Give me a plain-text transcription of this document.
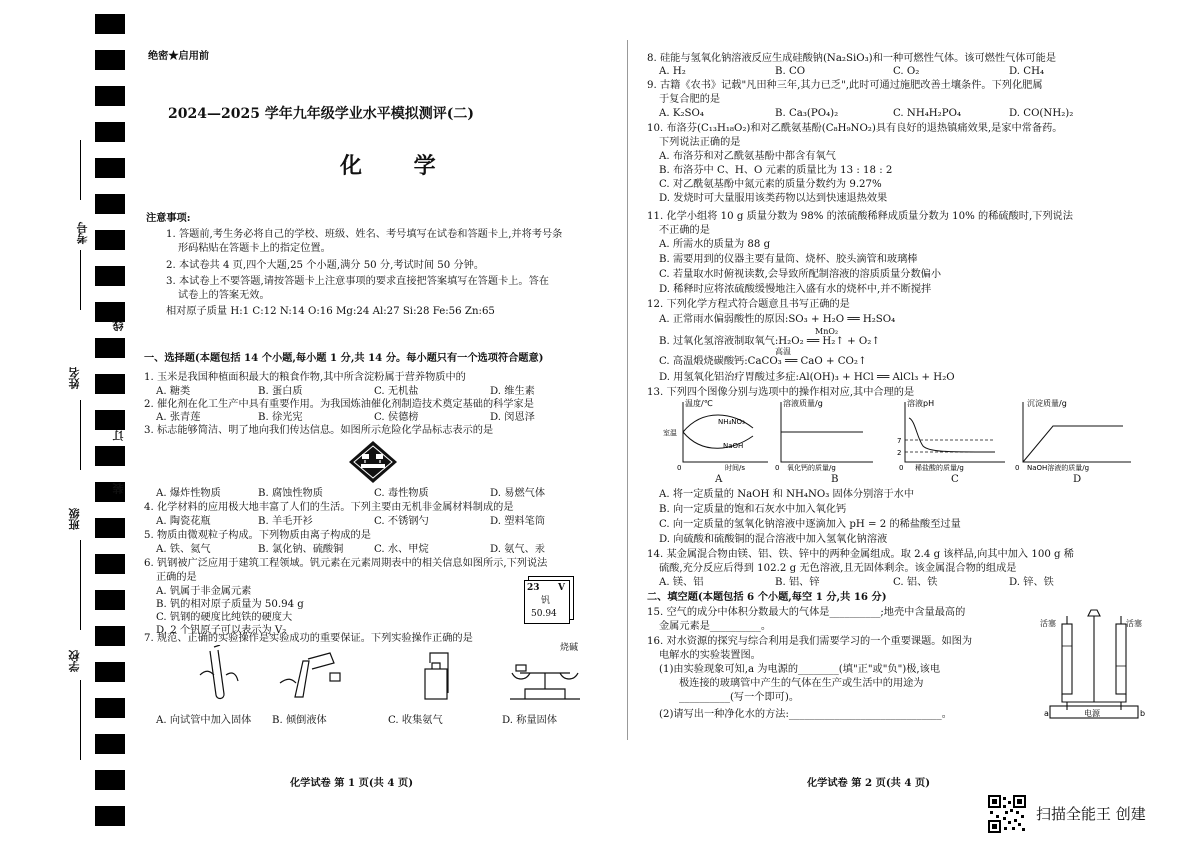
考号
线
姓名
订
班级
装
学校
绝密★启用前
2024—2025 学年九年级学业水平模拟测评(二)
化 学
注意事项:
1. 答题前,考生务必将自己的学校、班级、姓名、考号填写在试卷和答题卡上,并将考号条
形码粘贴在答题卡上的指定位置。
2. 本试卷共 4 页,四个大题,25 个小题,满分 50 分,考试时间 50 分钟。
3. 本试卷上不要答题,请按答题卡上注意事项的要求直接把答案填写在答题卡上。答在
试卷上的答案无效。
相对原子质量 H:1 C:12 N:14 O:16 Mg:24 Al:27 Si:28 Fe:56 Zn:65
一、选择题(本题包括 14 个小题,每小题 1 分,共 14 分。每小题只有一个选项符合题意)
1. 玉米是我国种植面积最大的粮食作物,其中所含淀粉属于营养物质中的
A. 糖类	B. 蛋白质	C. 无机盐	D. 维生素
2. 催化剂在化工生产中具有重要作用。为我国炼油催化剂制造技术奠定基础的科学家是
A. 张青莲	B. 徐光宪	C. 侯德榜	D. 闵恩泽
3. 标志能够简洁、明了地向我们传达信息。如图所示危险化学品标志表示的是
A. 爆炸性物质	B. 腐蚀性物质	C. 毒性物质	D. 易燃气体
4. 化学材料的应用极大地丰富了人们的生活。下列主要由无机非金属材料制成的是
A. 陶瓷花瓶	B. 羊毛开衫	C. 不锈钢勺	D. 塑料笔筒
5. 物质由微观粒子构成。下列物质由离子构成的是
A. 铁、氦气	B. 氯化钠、硫酸铜	C. 水、甲烷	D. 氨气、汞
6. 钒钢被广泛应用于建筑工程领域。钒元素在元素周期表中的相关信息如图所示,下列说法
正确的是
A. 钒属于非金属元素
B. 钒的相对原子质量为 50.94 g
C. 钒钢的硬度比纯铁的硬度大
D. 2 个钒原子可以表示为 V₂
23 V
钒
50.94
7. 规范、正确的实验操作是实验成功的重要保证。下列实验操作正确的是
烧碱
A. 向试管中加入固体 B. 倾倒液体	C. 收集氨气	D. 称量固体
化学试卷 第 1 页(共 4 页)
8. 硅能与氢氧化钠溶液反应生成硅酸钠(Na₂SiO₃)和一种可燃性气体。该可燃性气体可能是
A. H₂	B. CO	C. O₂	D. CH₄
9. 古籍《农书》记载"凡田种三年,其力已乏",此时可通过施肥改善土壤条件。下列化肥属
于复合肥的是
A. K₂SO₄	B. Ca₃(PO₄)₂	C. NH₄H₂PO₄	D. CO(NH₂)₂
10. 布洛芬(C₁₃H₁₈O₂)和对乙酰氨基酚(C₈H₉NO₂)具有良好的退热镇痛效果,是家中常备药。
下列说法正确的是
A. 布洛芬和对乙酰氨基酚中都含有氧气
B. 布洛芬中 C、H、O 元素的质量比为 13 : 18 : 2
C. 对乙酰氨基酚中氮元素的质量分数约为 9.27%
D. 发烧时可大量服用该类药物以达到快速退热效果
11. 化学小组将 10 g 质量分数为 98% 的浓硫酸稀释成质量分数为 10% 的稀硫酸时,下列说法
不正确的是
A. 所需水的质量为 88 g
B. 需要用到的仪器主要有量筒、烧杯、胶头滴管和玻璃棒
C. 若量取水时俯视读数,会导致所配制溶液的溶质质量分数偏小
D. 稀释时应将浓硫酸缓慢地注入盛有水的烧杯中,并不断搅拌
12. 下列化学方程式符合题意且书写正确的是
A. 正常雨水偏弱酸性的原因:SO₃ + H₂O ══ H₂SO₄
MnO₂
B. 过氧化氢溶液制取氧气:H₂O₂ ══ H₂↑ + O₂↑
高温
C. 高温煅烧碳酸钙:CaCO₃ ══ CaO + CO₂↑
D. 用氢氧化铝治疗胃酸过多症:Al(OH)₃ + HCl ══ AlCl₃ + H₂O
13. 下列四个图像分别与选项中的操作相对应,其中合理的是
温度/℃
NH₄NO₃
NaOH
室温
0	时间/s
溶液质量/g
0 氧化钙的质量/g
溶液pH
7
2
0 稀盐酸的质量/g
沉淀质量/g
0 NaOH溶液的质量/g
A	B	C	D
A. 将一定质量的 NaOH 和 NH₄NO₃ 固体分别溶于水中
B. 向一定质量的饱和石灰水中加入氧化钙
C. 向一定质量的氢氧化钠溶液中逐滴加入 pH = 2 的稀盐酸至过量
D. 向硫酸和硫酸铜的混合溶液中加入氢氧化钠溶液
14. 某金属混合物由镁、铝、铁、锌中的两种金属组成。取 2.4 g 该样品,向其中加入 100 g 稀
硫酸,充分反应后得到 102.2 g 无色溶液,且无固体剩余。该金属混合物的组成是
A. 镁、铝	B. 铝、锌	C. 铝、铁	D. 锌、铁
二、填空题(本题包括 6 个小题,每空 1 分,共 16 分)
15. 空气的成分中体积分数最大的气体是__________;地壳中含量最高的
金属元素是__________。
16. 对水资源的探究与综合利用是我们需要学习的一个重要课题。如图为
电解水的实验装置图。
(1)由实验现象可知,a 为电源的________(填"正"或"负")极,该电
极连接的玻璃管中产生的气体在生产或生活中的用途为
__________(写一个即可)。
(2)请写出一种净化水的方法:______________________________。
活塞	活塞
电源
a	b
化学试卷 第 2 页(共 4 页)
扫描全能王 创建
